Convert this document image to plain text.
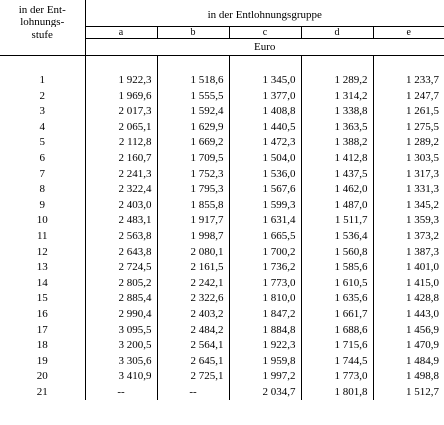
in der Ent-
lohnungs-
stufe	in der Entlohnungsgruppe				
	a	b	c	d	e
	Euro				

1	1 922,3	1 518,6	1 345,0	1 289,2	1 233,7
2	1 969,6	1 555,5	1 377,0	1 314,2	1 247,7
3	2 017,3	1 592,4	1 408,8	1 338,8	1 261,5
4	2 065,1	1 629,9	1 440,5	1 363,5	1 275,5
5	2 112,8	1 669,2	1 472,3	1 388,2	1 289,2
6	2 160,7	1 709,5	1 504,0	1 412,8	1 303,5
7	2 241,3	1 752,3	1 536,0	1 437,5	1 317,3
8	2 322,4	1 795,3	1 567,6	1 462,0	1 331,3
9	2 403,0	1 855,8	1 599,3	1 487,0	1 345,2
10	2 483,1	1 917,7	1 631,4	1 511,7	1 359,3
11	2 563,8	1 998,7	1 665,5	1 536,4	1 373,2
12	2 643,8	2 080,1	1 700,2	1 560,8	1 387,3
13	2 724,5	2 161,5	1 736,2	1 585,6	1 401,0
14	2 805,2	2 242,1	1 773,0	1 610,5	1 415,0
15	2 885,4	2 322,6	1 810,0	1 635,6	1 428,8
16	2 990,4	2 403,2	1 847,2	1 661,7	1 443,0
17	3 095,5	2 484,2	1 884,8	1 688,6	1 456,9
18	3 200,5	2 564,1	1 922,3	1 715,6	1 470,9
19	3 305,6	2 645,1	1 959,8	1 744,5	1 484,9
20	3 410,9	2 725,1	1 997,2	1 773,0	1 498,8
21	--	--	2 034,7	1 801,8	1 512,7
